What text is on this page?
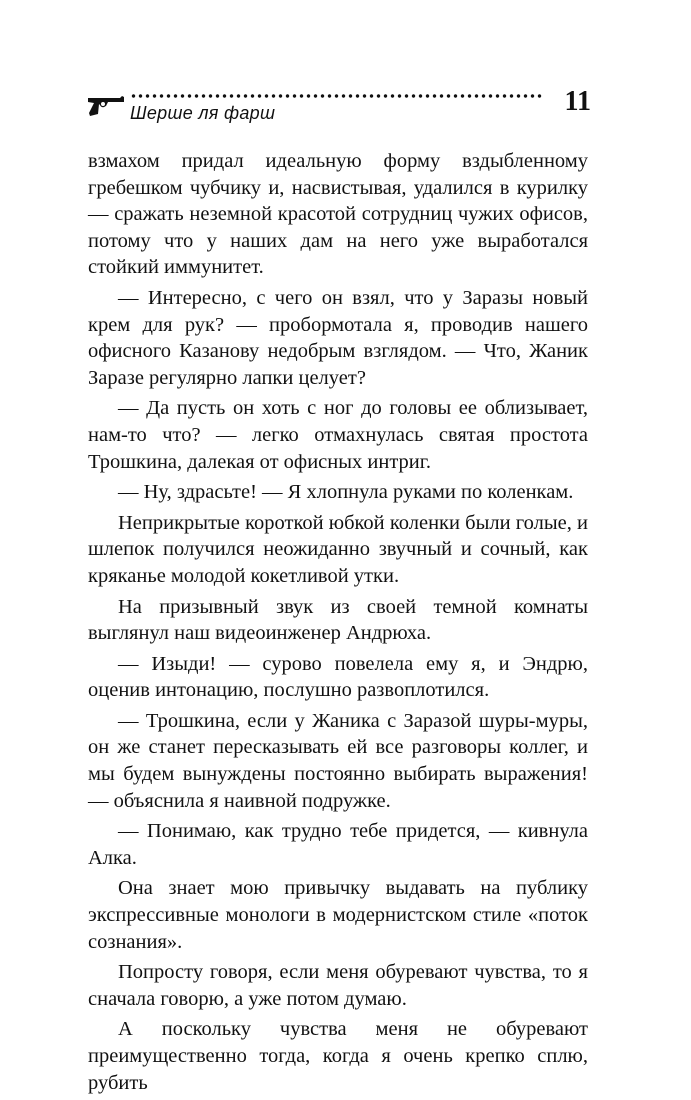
Шерше ля фарш	11

взмахом придал идеальную форму вздыбленному гребешком чубчику и, насвистывая, удалился в курилку — сражать неземной красотой сотрудниц чужих офисов, потому что у наших дам на него уже выработался стойкий иммунитет.

— Интересно, с чего он взял, что у Заразы новый крем для рук? — пробормотала я, проводив нашего офисного Казанову недобрым взглядом. — Что, Жаник Заразе регулярно лапки целует?

— Да пусть он хоть с ног до головы ее облизывает, нам-то что? — легко отмахнулась святая простота Трошкина, далекая от офисных интриг.

— Ну, здрасьте! — Я хлопнула руками по коленкам.

Неприкрытые короткой юбкой коленки были голые, и шлепок получился неожиданно звучный и сочный, как кряканье молодой кокетливой утки.

На призывный звук из своей темной комнаты выглянул наш видеоинженер Андрюха.

— Изыди! — сурово повелела ему я, и Эндрю, оценив интонацию, послушно развоплотился.

— Трошкина, если у Жаника с Заразой шуры-муры, он же станет пересказывать ей все разговоры коллег, и мы будем вынуждены постоянно выбирать выражения! — объяснила я наивной подружке.

— Понимаю, как трудно тебе придется, — кивнула Алка.

Она знает мою привычку выдавать на публику экспрессивные монологи в модернистском стиле «поток сознания».

Попросту говоря, если меня обуревают чувства, то я сначала говорю, а уже потом думаю.

А поскольку чувства меня не обуревают преимущественно тогда, когда я очень крепко сплю, рубить
